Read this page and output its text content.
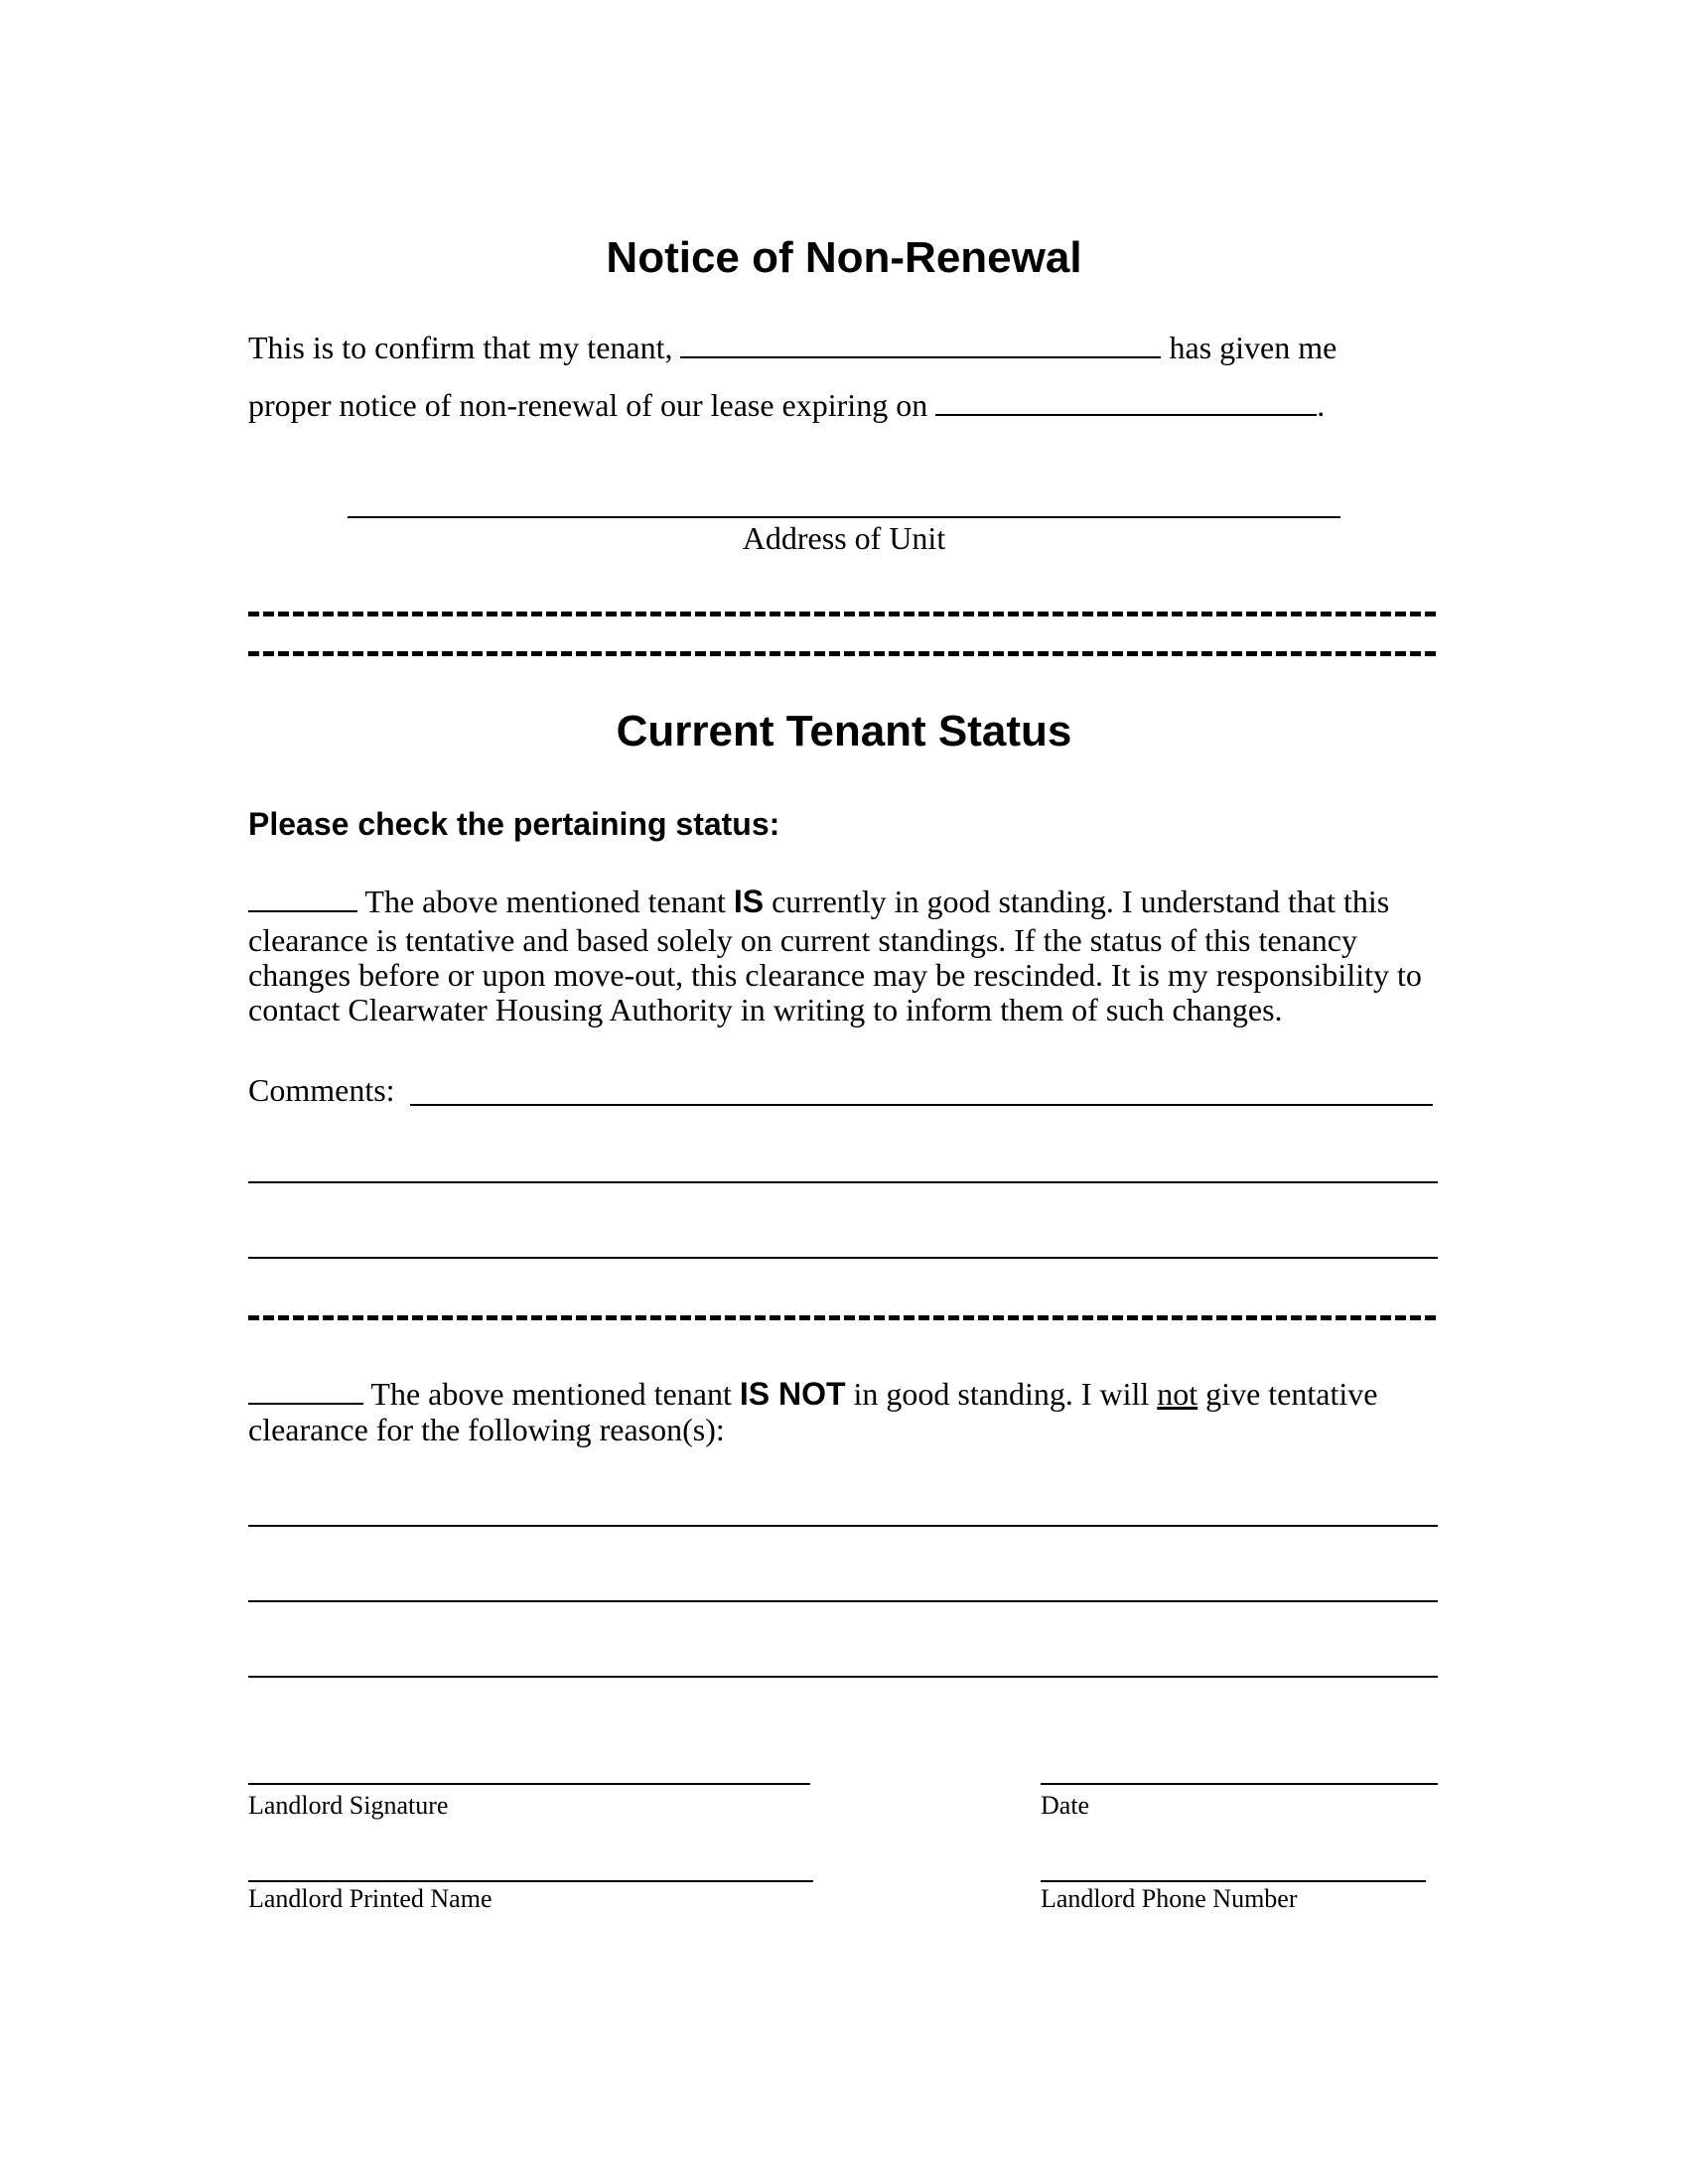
Notice of Non-Renewal
This is to confirm that my tenant,	has given me
proper notice of non-renewal of our lease expiring on	.
Address of Unit
Current Tenant Status
Please check the pertaining status:
The above mentioned tenant IS currently in good standing. I understand that this
clearance is tentative and based solely on current standings. If the status of this tenancy changes before or upon move-out, this clearance may be rescinded. It is my responsibility to contact Clearwater Housing Authority in writing to inform them of such changes.
Comments:
The above mentioned tenant IS NOT in good standing. I will not give tentative
clearance for the following reason(s):
Landlord Signature	Date
Landlord Printed Name	Landlord Phone Number
